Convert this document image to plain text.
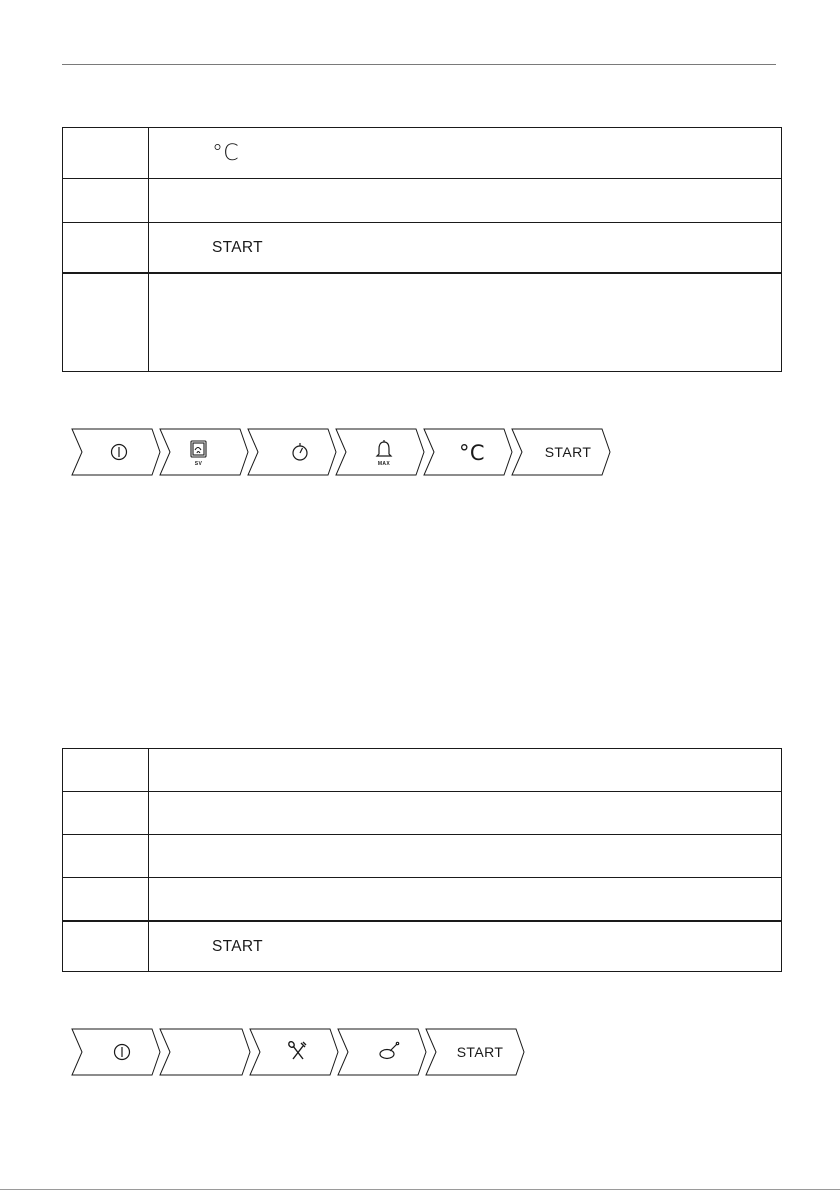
	°C

	START

SV	MAX	°C	START

	START
START
